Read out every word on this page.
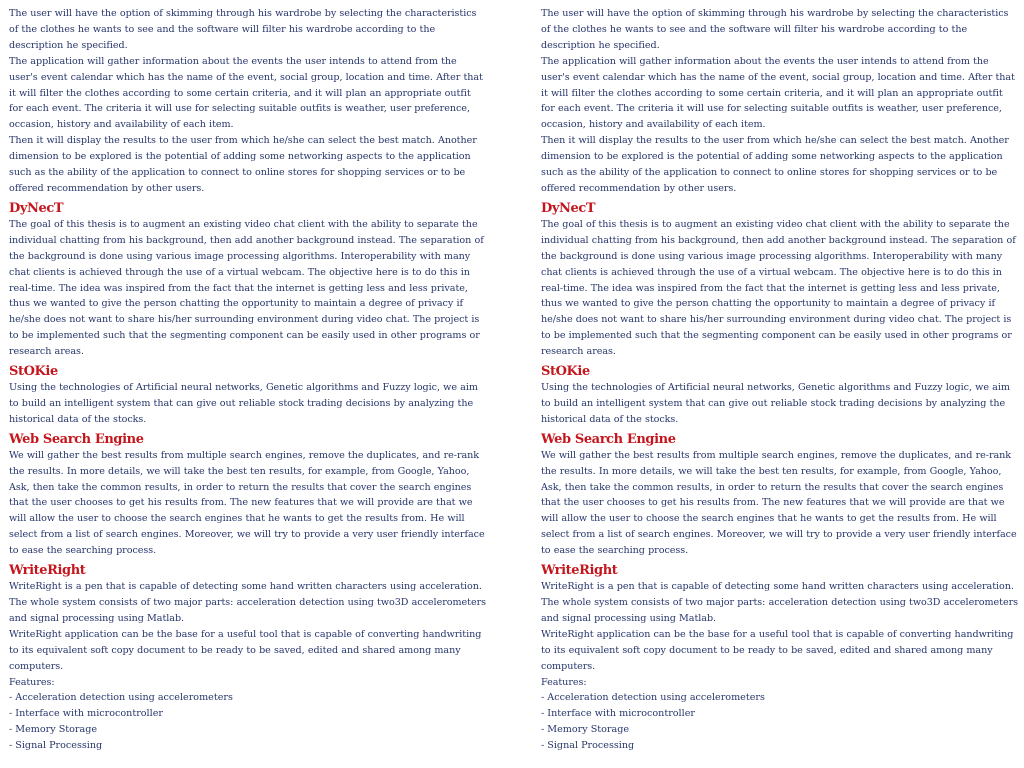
The user will have the option of skimming through his wardrobe by selecting the characteristics of the clothes he wants to see and the software will filter his wardrobe according to the description he specified.

The application will gather information about the events the user intends to attend from the user's event calendar which has the name of the event, social group, location and time. After that it will filter the clothes according to some certain criteria, and it will plan an appropriate outfit for each event. The criteria it will use for selecting suitable outfits is weather, user preference, occasion, history and availability of each item.

Then it will display the results to the user from which he/she can select the best match. Another dimension to be explored is the potential of adding some networking aspects to the application such as the ability of the application to connect to online stores for shopping services or to be offered recommendation by other users.

DyNecT

The goal of this thesis is to augment an existing video chat client with the ability to separate the individual chatting from his background, then add another background instead. The separation of the background is done using various image processing algorithms. Interoperability with many chat clients is achieved through the use of a virtual webcam. The objective here is to do this in real-time. The idea was inspired from the fact that the internet is getting less and less private, thus we wanted to give the person chatting the opportunity to maintain a degree of privacy if he/she does not want to share his/her surrounding environment during video chat. The project is to be implemented such that the segmenting component can be easily used in other programs or research areas.

StOKie

Using the technologies of Artificial neural networks, Genetic algorithms and Fuzzy logic, we aim to build an intelligent system that can give out reliable stock trading decisions by analyzing the historical data of the stocks.

Web Search Engine

We will gather the best results from multiple search engines, remove the duplicates, and re-rank the results. In more details, we will take the best ten results, for example, from Google, Yahoo, Ask, then take the common results, in order to return the results that cover the search engines that the user chooses to get his results from. The new features that we will provide are that we will allow the user to choose the search engines that he wants to get the results from. He will select from a list of search engines. Moreover, we will try to provide a very user friendly interface to ease the searching process.

WriteRight

WriteRight is a pen that is capable of detecting some hand written characters using acceleration. The whole system consists of two major parts: acceleration detection using two3D accelerometers and signal processing using Matlab.

WriteRight application can be the base for a useful tool that is capable of converting handwriting to its equivalent soft copy document to be ready to be saved, edited and shared among many computers.

Features:

- Acceleration detection using accelerometers
- Interface with microcontroller
- Memory Storage
- Signal Processing

The user will have the option of skimming through his wardrobe by selecting the characteristics of the clothes he wants to see and the software will filter his wardrobe according to the description he specified.

The application will gather information about the events the user intends to attend from the user's event calendar which has the name of the event, social group, location and time. After that it will filter the clothes according to some certain criteria, and it will plan an appropriate outfit for each event. The criteria it will use for selecting suitable outfits is weather, user preference, occasion, history and availability of each item.

Then it will display the results to the user from which he/she can select the best match. Another dimension to be explored is the potential of adding some networking aspects to the application such as the ability of the application to connect to online stores for shopping services or to be offered recommendation by other users.

DyNecT

The goal of this thesis is to augment an existing video chat client with the ability to separate the individual chatting from his background, then add another background instead. The separation of the background is done using various image processing algorithms. Interoperability with many chat clients is achieved through the use of a virtual webcam. The objective here is to do this in real-time. The idea was inspired from the fact that the internet is getting less and less private, thus we wanted to give the person chatting the opportunity to maintain a degree of privacy if he/she does not want to share his/her surrounding environment during video chat. The project is to be implemented such that the segmenting component can be easily used in other programs or research areas.

StOKie

Using the technologies of Artificial neural networks, Genetic algorithms and Fuzzy logic, we aim to build an intelligent system that can give out reliable stock trading decisions by analyzing the historical data of the stocks.

Web Search Engine

We will gather the best results from multiple search engines, remove the duplicates, and re-rank the results. In more details, we will take the best ten results, for example, from Google, Yahoo, Ask, then take the common results, in order to return the results that cover the search engines that the user chooses to get his results from. The new features that we will provide are that we will allow the user to choose the search engines that he wants to get the results from. He will select from a list of search engines. Moreover, we will try to provide a very user friendly interface to ease the searching process.

WriteRight

WriteRight is a pen that is capable of detecting some hand written characters using acceleration. The whole system consists of two major parts: acceleration detection using two3D accelerometers and signal processing using Matlab.

WriteRight application can be the base for a useful tool that is capable of converting handwriting to its equivalent soft copy document to be ready to be saved, edited and shared among many computers.

Features:

- Acceleration detection using accelerometers
- Interface with microcontroller
- Memory Storage
- Signal Processing
